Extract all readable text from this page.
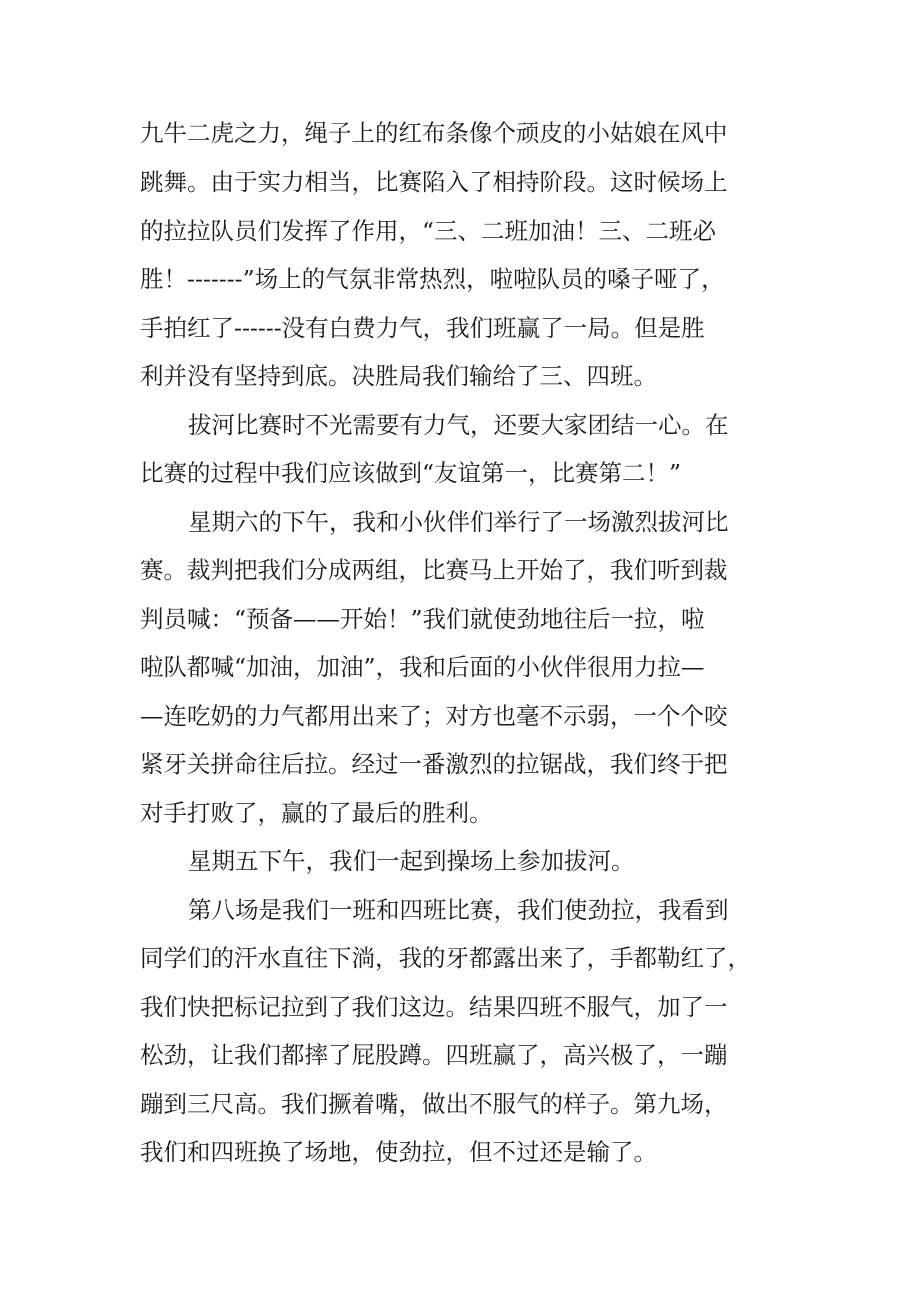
九牛二虎之力，绳子上的红布条像个顽皮的小姑娘在风中
跳舞。由于实力相当，比赛陷入了相持阶段。这时候场上
的拉拉队员们发挥了作用，“三、二班加油！三、二班必
胜！-------”场上的气氛非常热烈，啦啦队员的嗓子哑了，
手拍红了------没有白费力气，我们班赢了一局。但是胜
利并没有坚持到底。决胜局我们输给了三、四班。
拔河比赛时不光需要有力气，还要大家团结一心。在
比赛的过程中我们应该做到“友谊第一，比赛第二！”
星期六的下午，我和小伙伴们举行了一场激烈拔河比
赛。裁判把我们分成两组，比赛马上开始了，我们听到裁
判员喊：“预备——开始！”我们就使劲地往后一拉，啦
啦队都喊“加油，加油”，我和后面的小伙伴很用力拉—
—连吃奶的力气都用出来了；对方也毫不示弱，一个个咬
紧牙关拼命往后拉。经过一番激烈的拉锯战，我们终于把
对手打败了，赢的了最后的胜利。
星期五下午，我们一起到操场上参加拔河。
第八场是我们一班和四班比赛，我们使劲拉，我看到
同学们的汗水直往下淌，我的牙都露出来了，手都勒红了，
我们快把标记拉到了我们这边。结果四班不服气，加了一
松劲，让我们都摔了屁股蹲。四班赢了，高兴极了，一蹦
蹦到三尺高。我们撅着嘴，做出不服气的样子。第九场，
我们和四班换了场地，使劲拉，但不过还是输了。
